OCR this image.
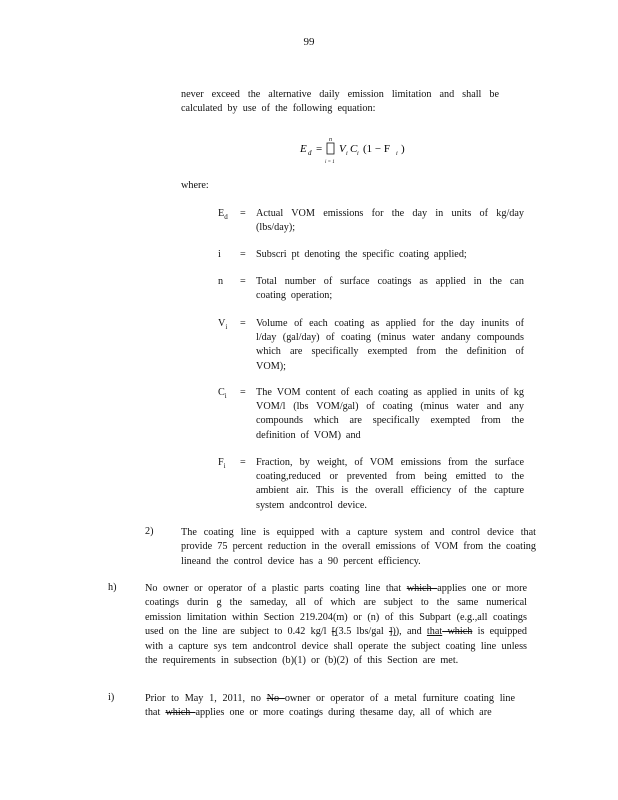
99

never exceed the alternative daily emission limitation and shall be calculated by use of the following equation:

E d =
n
i = 1
V i C i (1 − F i )
where:
$E_d$	=	Actual VOM emissions for the day in units of kg/day (lbs/day);
i	=	Subscri pt denoting the specific coating applied;
n	=	Total number of surface coatings as applied in the can coating operation;
$V_i$	=	Volume of each coating as applied for the day inunits of l/day (gal/day) of coating (minus water andany compounds which are specifically exempted from the definition of VOM);
$C_i$	=	The VOM content of each coating as applied in units of kg VOM/l (lbs VOM/gal) of coating (minus water and any compounds which are specifically exempted from the definition of VOM) and
$F_i$	=	Fraction, by weight, of VOM emissions from the surface coating,reduced or prevented from being emitted to the ambient air. This is the overall efficiency of the capture system andcontrol device.
2)	The coating line is equipped with a capture system and control device that provide 75 percent reduction in the overall emissions of VOM from the coating lineand the control device has a 90 percent efficiency.

h)	No owner or operator of a plastic parts coating line that which applies one or more coatings durin g the sameday, all of which are subject to the same numerical emission limitation within Section 219.204(m) or (n) of this Subpart (e.g.,all coatings used on the line are subject to 0.42 kg/l [(3.5 lbs/gal ])), and that which is equipped with a capture sys tem andcontrol device shall operate the subject coating line unless the requirements in subsection (b)(1) or (b)(2) of this Section are met.

i)	Prior to May 1, 2011, no No owner or operator of a metal furniture coating line that which applies one or more coatings during thesame day, all of which are
